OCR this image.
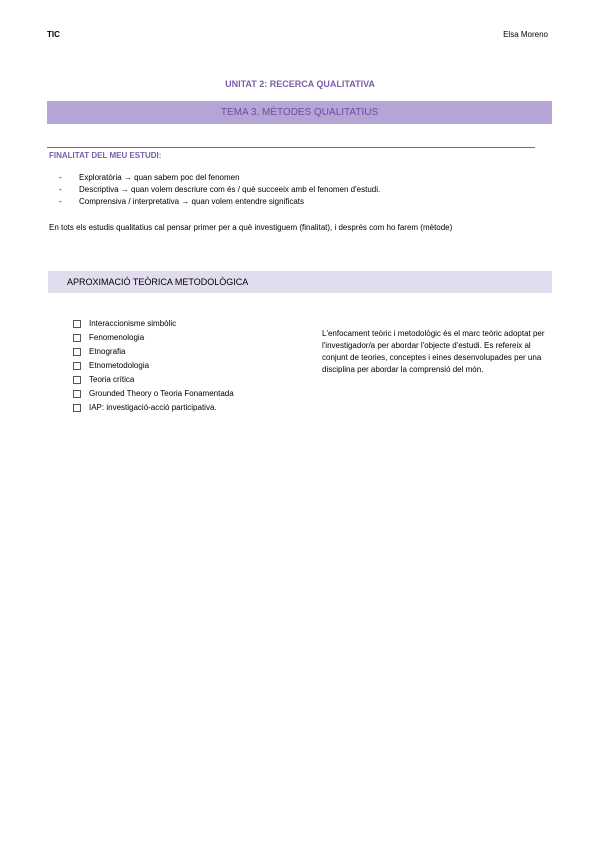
TIC	Elsa Moreno
UNITAT 2: RECERCA QUALITATIVA
TEMA 3. MÈTODES QUALITATIUS
FINALITAT DEL MEU ESTUDI:
- Exploratòria → quan sabem poc del fenomen
- Descriptiva → quan volem descriure com és / què succeeix amb el fenomen d'estudi.
- Comprensiva / interpretativa → quan volem entendre significats
En tots els estudis qualitatius cal pensar primer per a què investiguem (finalitat), i després com ho farem (mètode)
APROXIMACIÓ TEÒRICA METODOLÒGICA
Interaccionisme simbòlic
Fenomenologia
Etnografia
Etnometodologia
Teoria crítica
Grounded Theory o Teoria Fonamentada
IAP: investigació-acció participativa.
L'enfocament teòric i metodològic és el marc teòric adoptat per l'investigador/a per abordar l'objecte d'estudi. Es refereix al conjunt de teories, conceptes i eines desenvolupades per una disciplina per abordar la comprensió del món.
